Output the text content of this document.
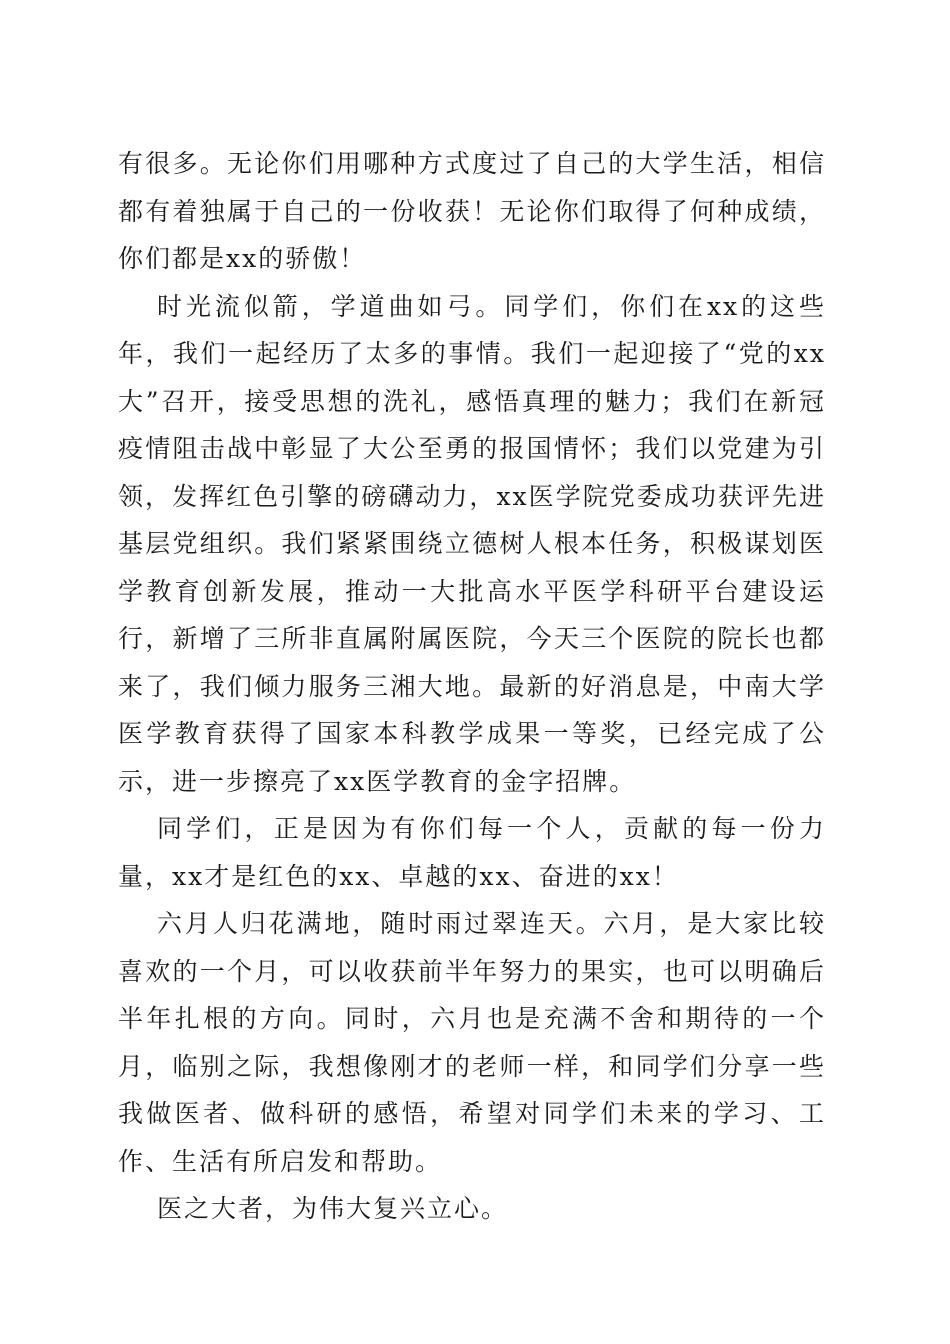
有很多。无论你们用哪种方式度过了自己的大学生活，相信都有着独属于自己的一份收获！无论你们取得了何种成绩，你们都是xx的骄傲！

时光流似箭，学道曲如弓。同学们，你们在xx的这些年，我们一起经历了太多的事情。我们一起迎接了“党的xx大”召开，接受思想的洗礼，感悟真理的魅力；我们在新冠疫情阻击战中彰显了大公至勇的报国情怀；我们以党建为引领，发挥红色引擎的磅礴动力，xx医学院党委成功获评先进基层党组织。我们紧紧围绕立德树人根本任务，积极谋划医学教育创新发展，推动一大批高水平医学科研平台建设运行，新增了三所非直属附属医院，今天三个医院的院长也都来了，我们倾力服务三湘大地。最新的好消息是，中南大学医学教育获得了国家本科教学成果一等奖，已经完成了公示，进一步擦亮了xx医学教育的金字招牌。

同学们，正是因为有你们每一个人，贡献的每一份力量，xx才是红色的xx、卓越的xx、奋进的xx！

六月人归花满地，随时雨过翠连天。六月，是大家比较喜欢的一个月，可以收获前半年努力的果实，也可以明确后半年扎根的方向。同时，六月也是充满不舍和期待的一个月，临别之际，我想像刚才的老师一样，和同学们分享一些我做医者、做科研的感悟，希望对同学们未来的学习、工作、生活有所启发和帮助。

医之大者，为伟大复兴立心。
